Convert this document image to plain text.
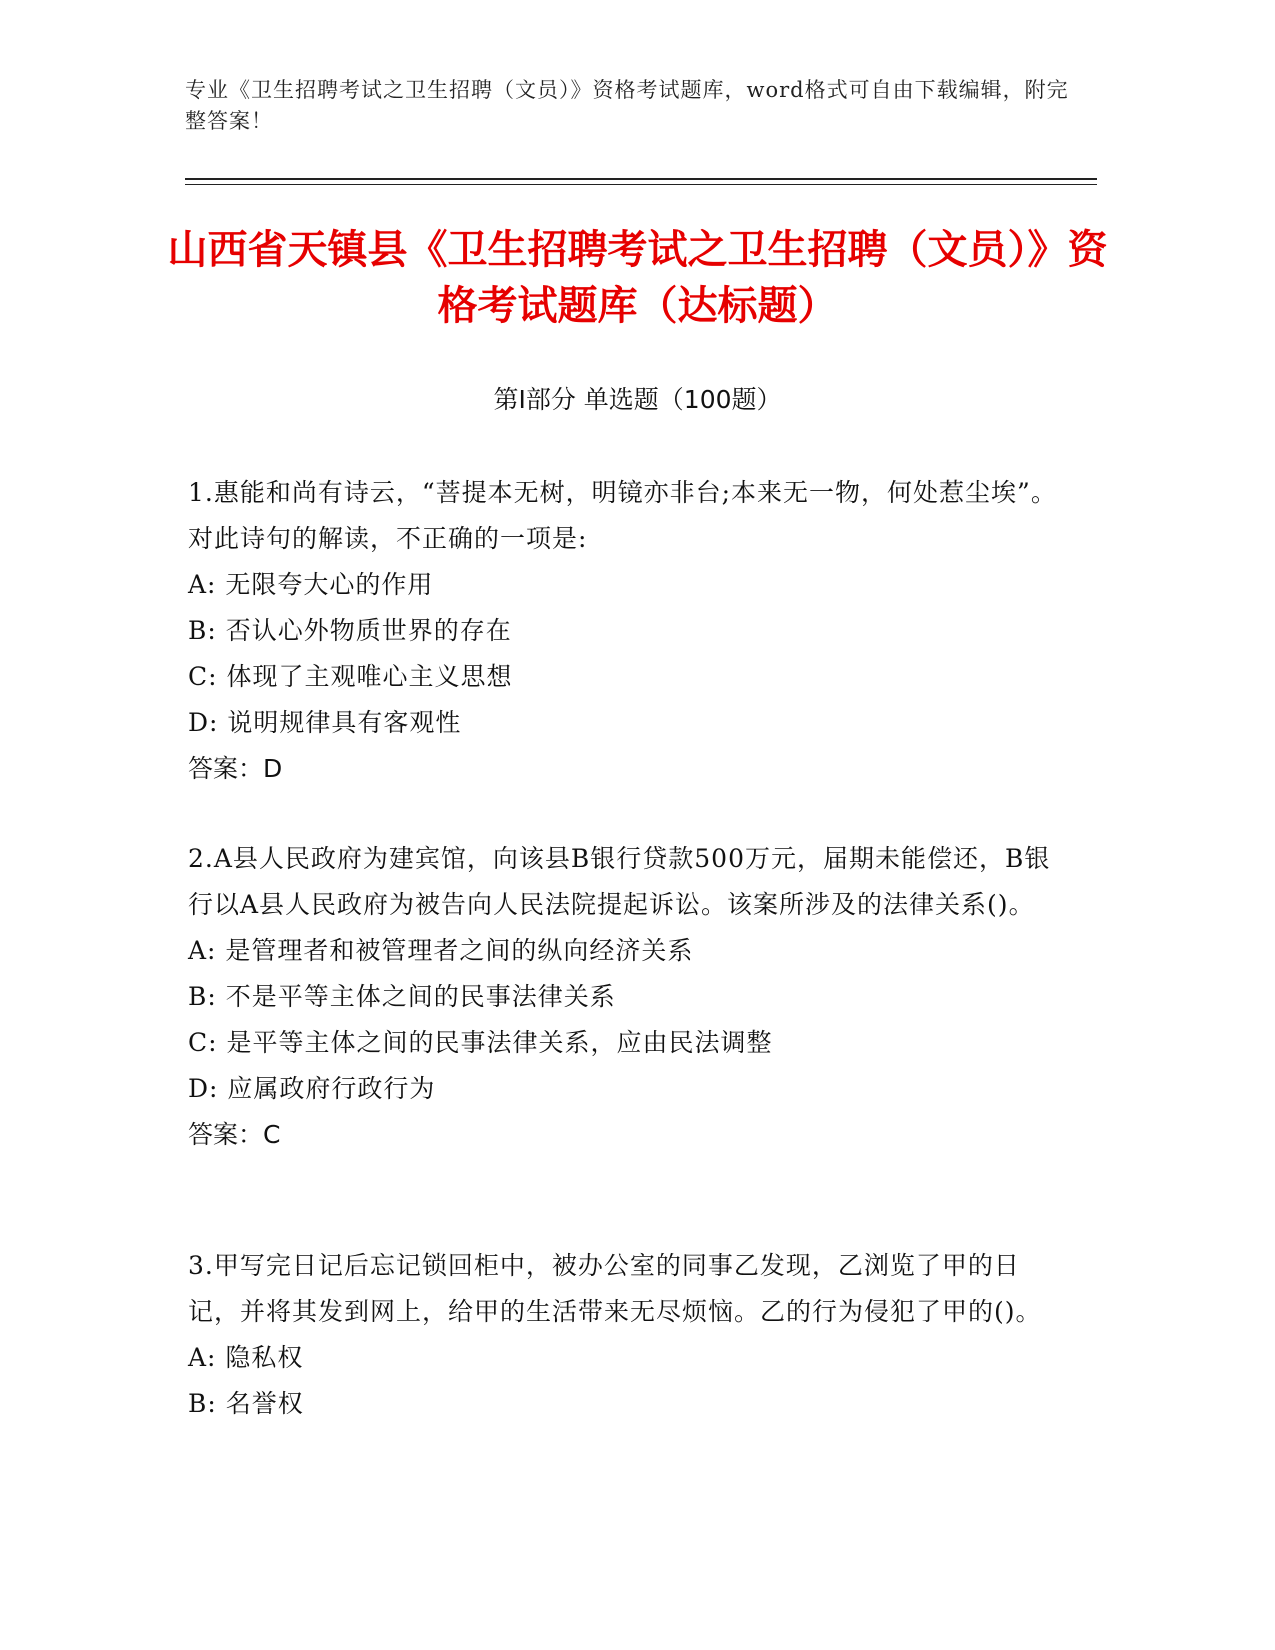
专业《卫生招聘考试之卫生招聘（文员）》资格考试题库，word格式可自由下载编辑，附完整答案！
山西省天镇县《卫生招聘考试之卫生招聘（文员）》资格考试题库（达标题）
第Ⅰ部分 单选题（100题）

1.惠能和尚有诗云，“菩提本无树，明镜亦非台;本来无一物，何处惹尘埃”。对此诗句的解读，不正确的一项是:

A: 无限夸大心的作用

B: 否认心外物质世界的存在

C: 体现了主观唯心主义思想

D: 说明规律具有客观性

答案：D

2.A县人民政府为建宾馆，向该县B银行贷款500万元，届期未能偿还，B银行以A县人民政府为被告向人民法院提起诉讼。该案所涉及的法律关系()。

A: 是管理者和被管理者之间的纵向经济关系

B: 不是平等主体之间的民事法律关系

C: 是平等主体之间的民事法律关系，应由民法调整

D: 应属政府行政行为

答案：C

3.甲写完日记后忘记锁回柜中，被办公室的同事乙发现，乙浏览了甲的日记，并将其发到网上，给甲的生活带来无尽烦恼。乙的行为侵犯了甲的()。

A: 隐私权

B: 名誉权
